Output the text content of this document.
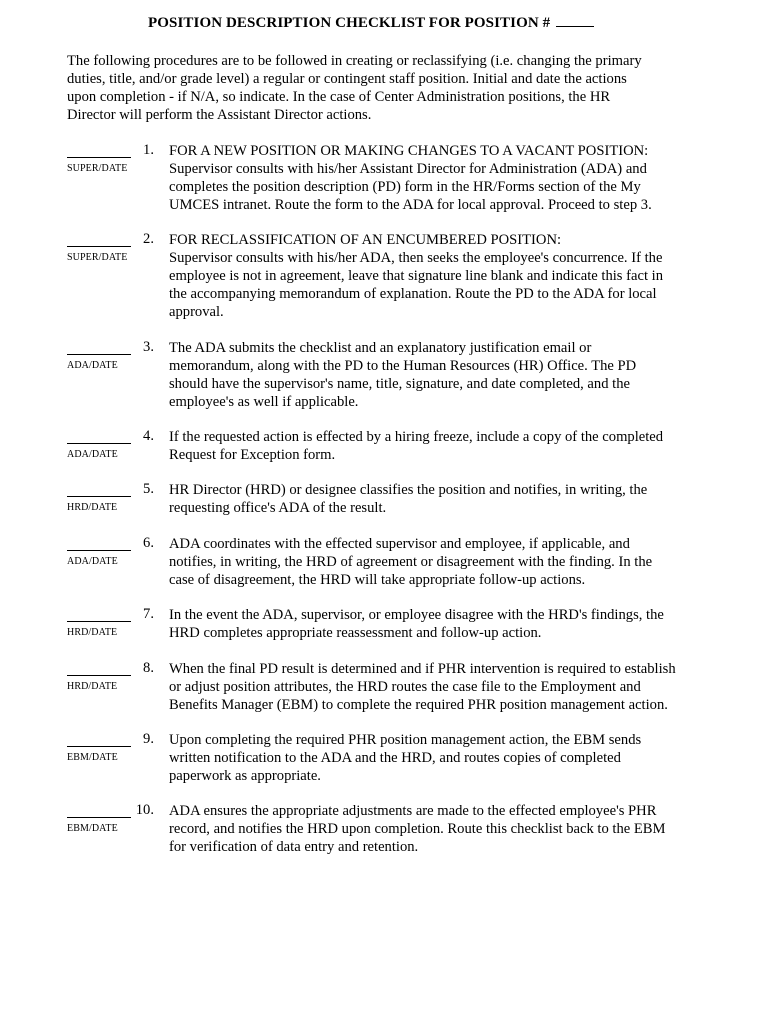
POSITION DESCRIPTION CHECKLIST FOR POSITION #
The following procedures are to be followed in creating or reclassifying (i.e. changing the primary
duties, title, and/or grade level) a regular or contingent staff position. Initial and date the actions
upon completion - if N/A, so indicate. In the case of Center Administration positions, the HR
Director will perform the Assistant Director actions.
SUPER/DATE
1. FOR A NEW POSITION OR MAKING CHANGES TO A VACANT POSITION:
Supervisor consults with his/her Assistant Director for Administration (ADA) and
completes the position description (PD) form in the HR/Forms section of the My
UMCES intranet. Route the form to the ADA for local approval. Proceed to step 3.
SUPER/DATE
2. FOR RECLASSIFICATION OF AN ENCUMBERED POSITION:
Supervisor consults with his/her ADA, then seeks the employee's concurrence. If the
employee is not in agreement, leave that signature line blank and indicate this fact in
the accompanying memorandum of explanation. Route the PD to the ADA for local
approval.
ADA/DATE
3. The ADA submits the checklist and an explanatory justification email or
memorandum, along with the PD to the Human Resources (HR) Office. The PD
should have the supervisor's name, title, signature, and date completed, and the
employee's as well if applicable.
ADA/DATE
4. If the requested action is effected by a hiring freeze, include a copy of the completed
Request for Exception form.
HRD/DATE
5. HR Director (HRD) or designee classifies the position and notifies, in writing, the
requesting office's ADA of the result.
ADA/DATE
6. ADA coordinates with the effected supervisor and employee, if applicable, and
notifies, in writing, the HRD of agreement or disagreement with the finding. In the
case of disagreement, the HRD will take appropriate follow-up actions.
HRD/DATE
7. In the event the ADA, supervisor, or employee disagree with the HRD's findings, the
HRD completes appropriate reassessment and follow-up action.
HRD/DATE
8. When the final PD result is determined and if PHR intervention is required to establish
or adjust position attributes, the HRD routes the case file to the Employment and
Benefits Manager (EBM) to complete the required PHR position management action.
EBM/DATE
9. Upon completing the required PHR position management action, the EBM sends
written notification to the ADA and the HRD, and routes copies of completed
paperwork as appropriate.
EBM/DATE
10. ADA ensures the appropriate adjustments are made to the effected employee's PHR
record, and notifies the HRD upon completion. Route this checklist back to the EBM
for verification of data entry and retention.
